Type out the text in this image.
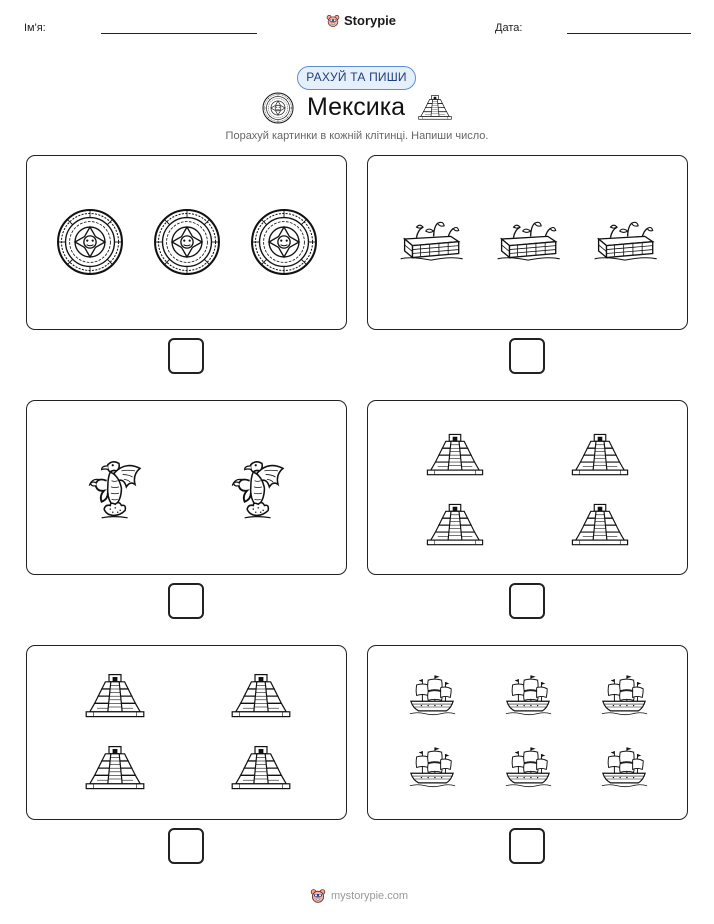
Ім'я:	Storypie	Дата:
РАХУЙ ТА ПИШИ
Мексика
Порахуй картинки в кожній клітинці. Напиши число.
mystorypie.com
